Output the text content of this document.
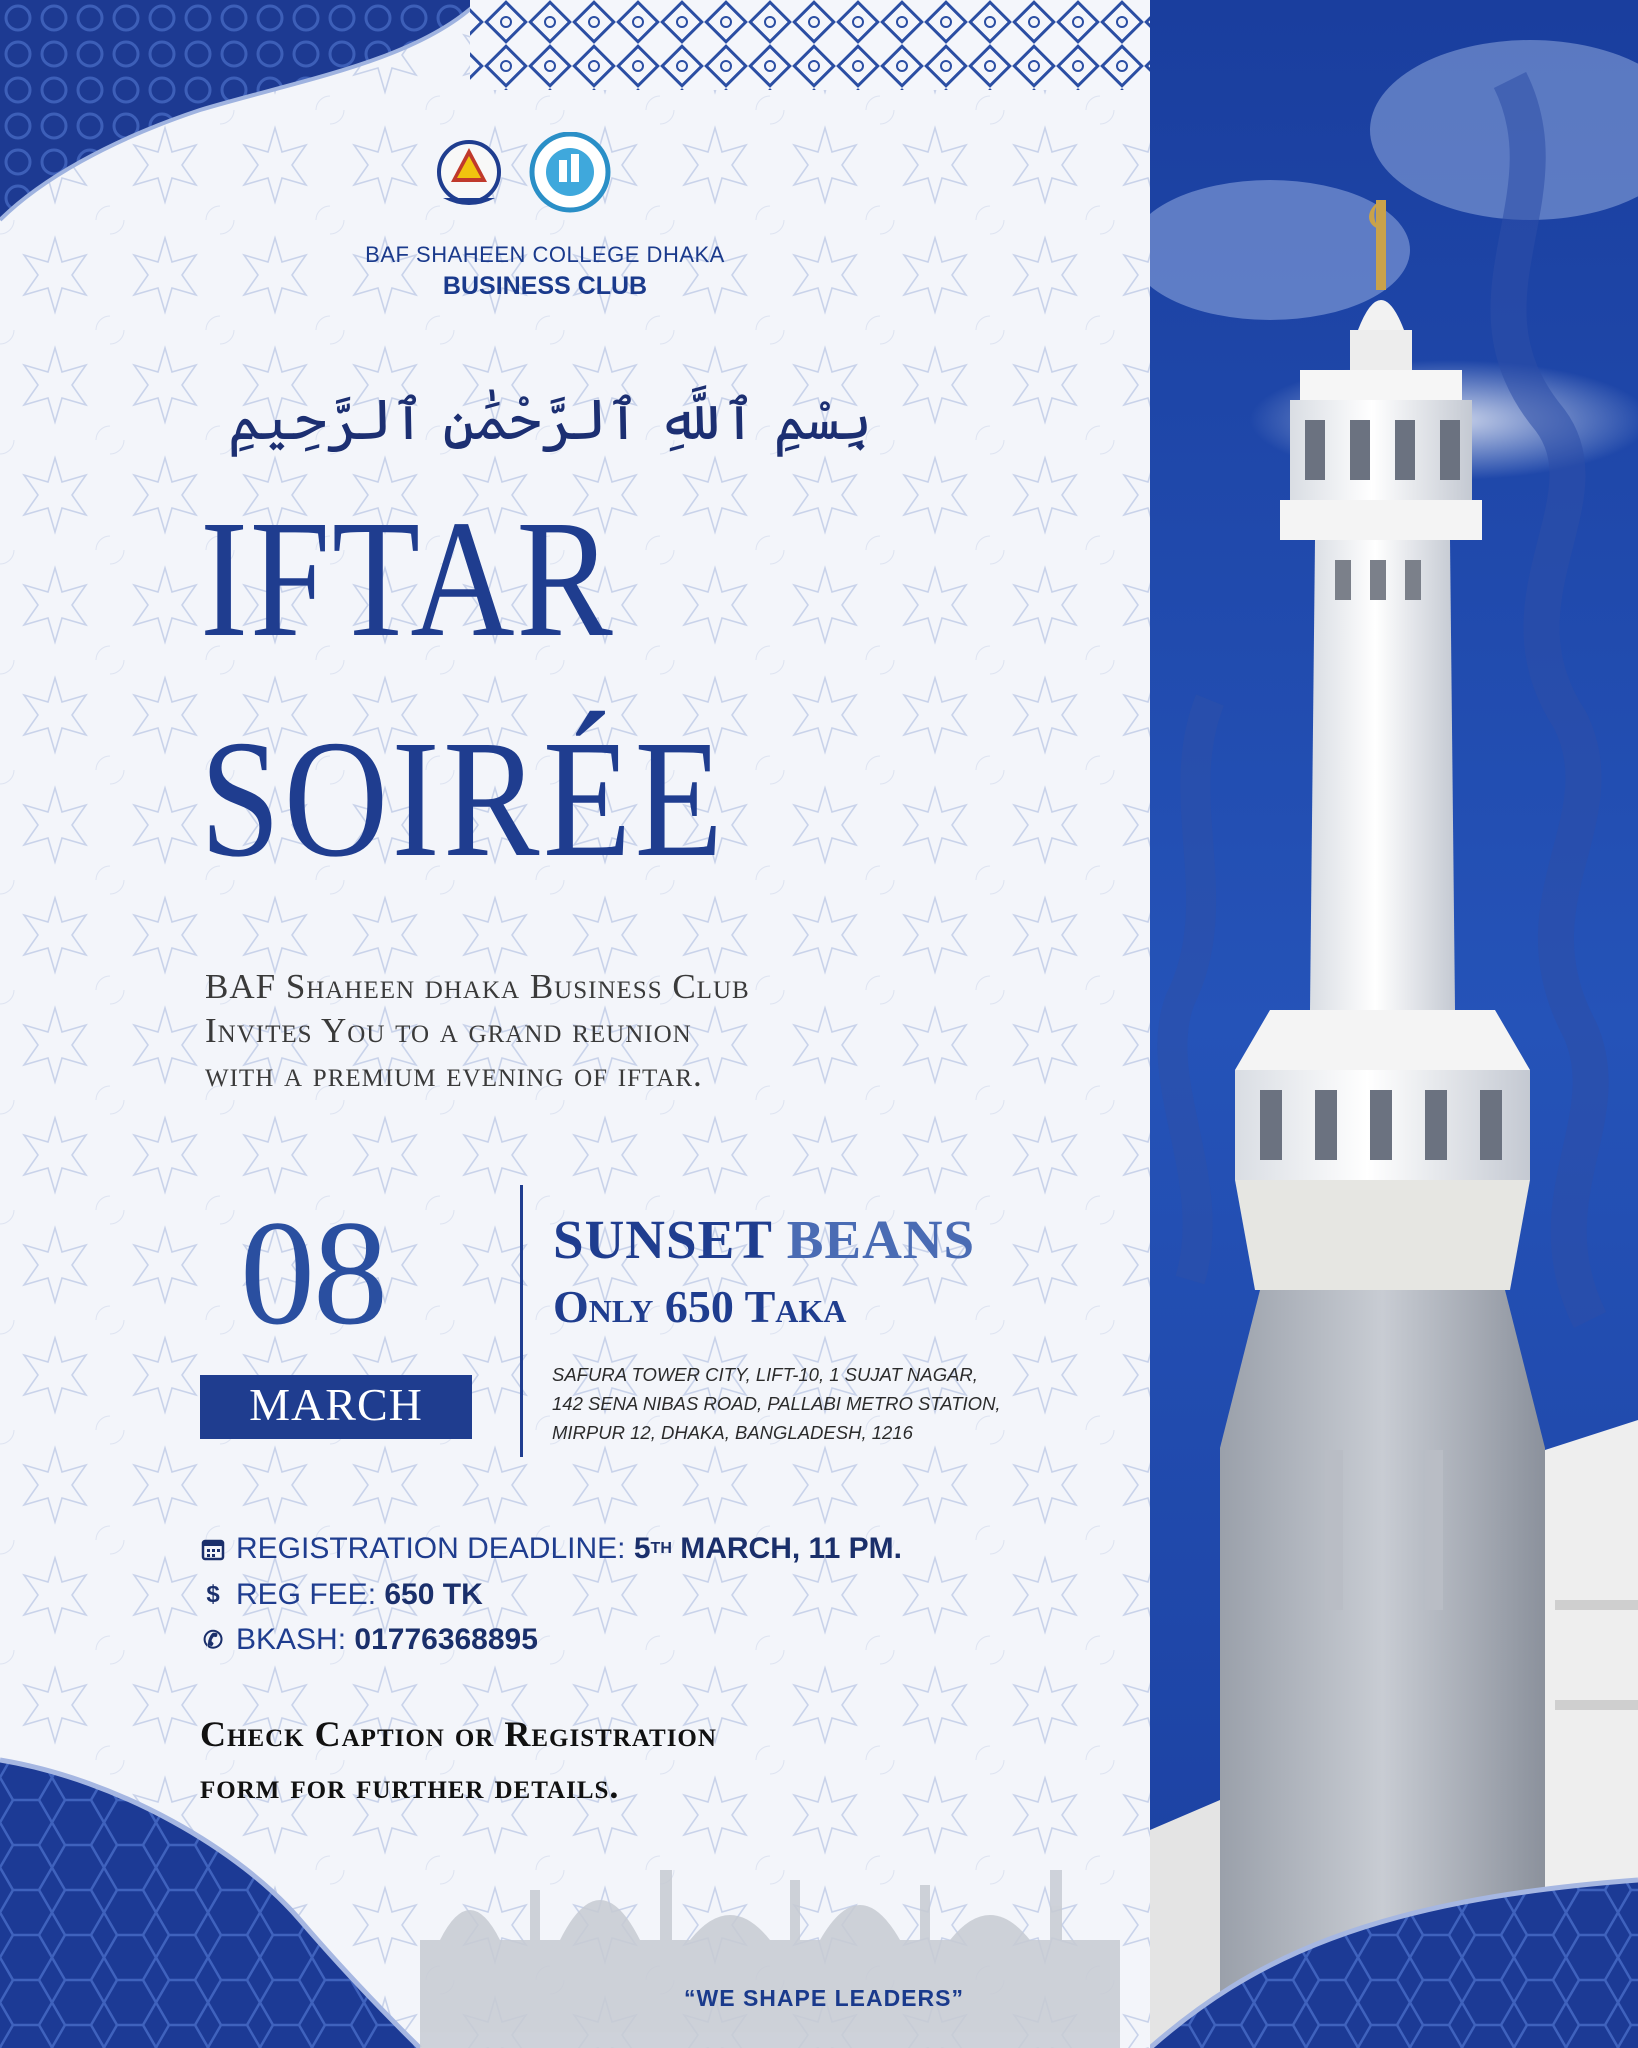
BAF SHAHEEN COLLEGE DHAKA

BUSINESS CLUB

بِسْمِ ٱللَّهِ ٱلرَّحْمَٰنِ ٱلرَّحِيمِ

IFTAR

SOIRÉE

BAF Shaheen dhaka Business Club
Invites You to a grand reunion
with a premium evening of iftar.

08

MARCH

SUNSET BEANS

Only 650 Taka

SAFURA TOWER CITY, LIFT-10, 1 SUJAT NAGAR,
142 SENA NIBAS ROAD, PALLABI METRO STATION,
MIRPUR 12, DHAKA, BANGLADESH, 1216
REGISTRATION DEADLINE:
5 TH
MARCH, 11 PM.
$ REG FEE:
650 TK
✆ BKASH:
01776368895
Check Caption or Registration
form for further details.

“WE SHAPE LEADERS”
